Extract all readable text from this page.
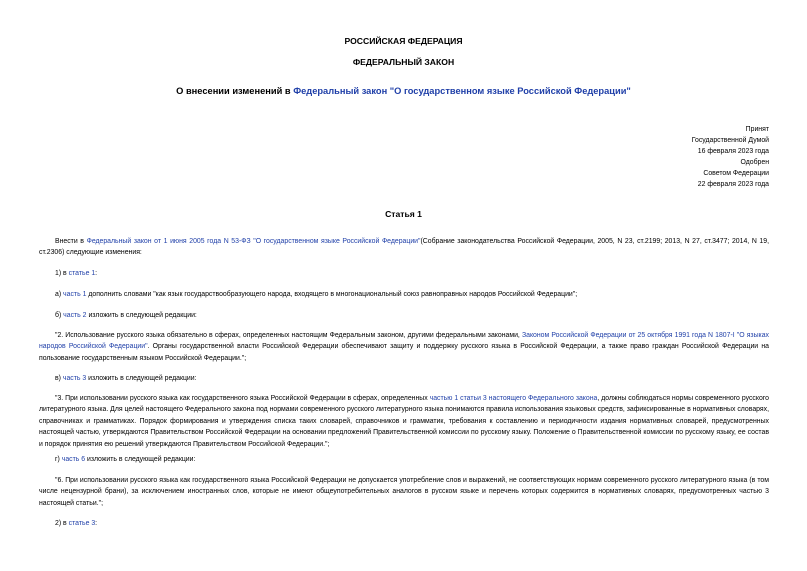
РОССИЙСКАЯ ФЕДЕРАЦИЯ
ФЕДЕРАЛЬНЫЙ ЗАКОН
О внесении изменений в Федеральный закон "О государственном языке Российской Федерации"
Принят
Государственной Думой
16 февраля 2023 года
Одобрен
Советом Федерации
22 февраля 2023 года
Статья 1
Внести в Федеральный закон от 1 июня 2005 года N 53-ФЗ "О государственном языке Российской Федерации"(Собрание законодательства Российской Федерации, 2005, N 23, ст.2199; 2013, N 27, ст.3477; 2014, N 19, ст.2306) следующие изменения:
1) в статье 1:
а) часть 1 дополнить словами "как язык государствообразующего народа, входящего в многонациональный союз равноправных народов Российской Федерации";
б) часть 2 изложить в следующей редакции:
"2. Использование русского языка обязательно в сферах, определенных настоящим Федеральным законом, другими федеральными законами, Законом Российской Федерации от 25 октября 1991 года N 1807-I "О языках народов Российской Федерации". Органы государственной власти Российской Федерации обеспечивают защиту и поддержку русского языка в Российской Федерации, а также право граждан Российской Федерации на пользование государственным языком Российской Федерации.";
в) часть 3 изложить в следующей редакции:
"3. При использовании русского языка как государственного языка Российской Федерации в сферах, определенных частью 1 статьи 3 настоящего Федерального закона, должны соблюдаться нормы современного русского литературного языка. Для целей настоящего Федерального закона под нормами современного русского литературного языка понимаются правила использования языковых средств, зафиксированные в нормативных словарях, справочниках и грамматиках. Порядок формирования и утверждения списка таких словарей, справочников и грамматик, требования к составлению и периодичности издания нормативных словарей, предусмотренных настоящей частью, утверждаются Правительством Российской Федерации на основании предложений Правительственной комиссии по русскому языку. Положение о Правительственной комиссии по русскому языку, ее состав и порядок принятия ею решений утверждаются Правительством Российской Федерации.";
г) часть 6 изложить в следующей редакции:
"6. При использовании русского языка как государственного языка Российской Федерации не допускается употребление слов и выражений, не соответствующих нормам современного русского литературного языка (в том числе нецензурной брани), за исключением иностранных слов, которые не имеют общеупотребительных аналогов в русском языке и перечень которых содержится в нормативных словарях, предусмотренных частью 3 настоящей статьи.";
2) в статье 3:
